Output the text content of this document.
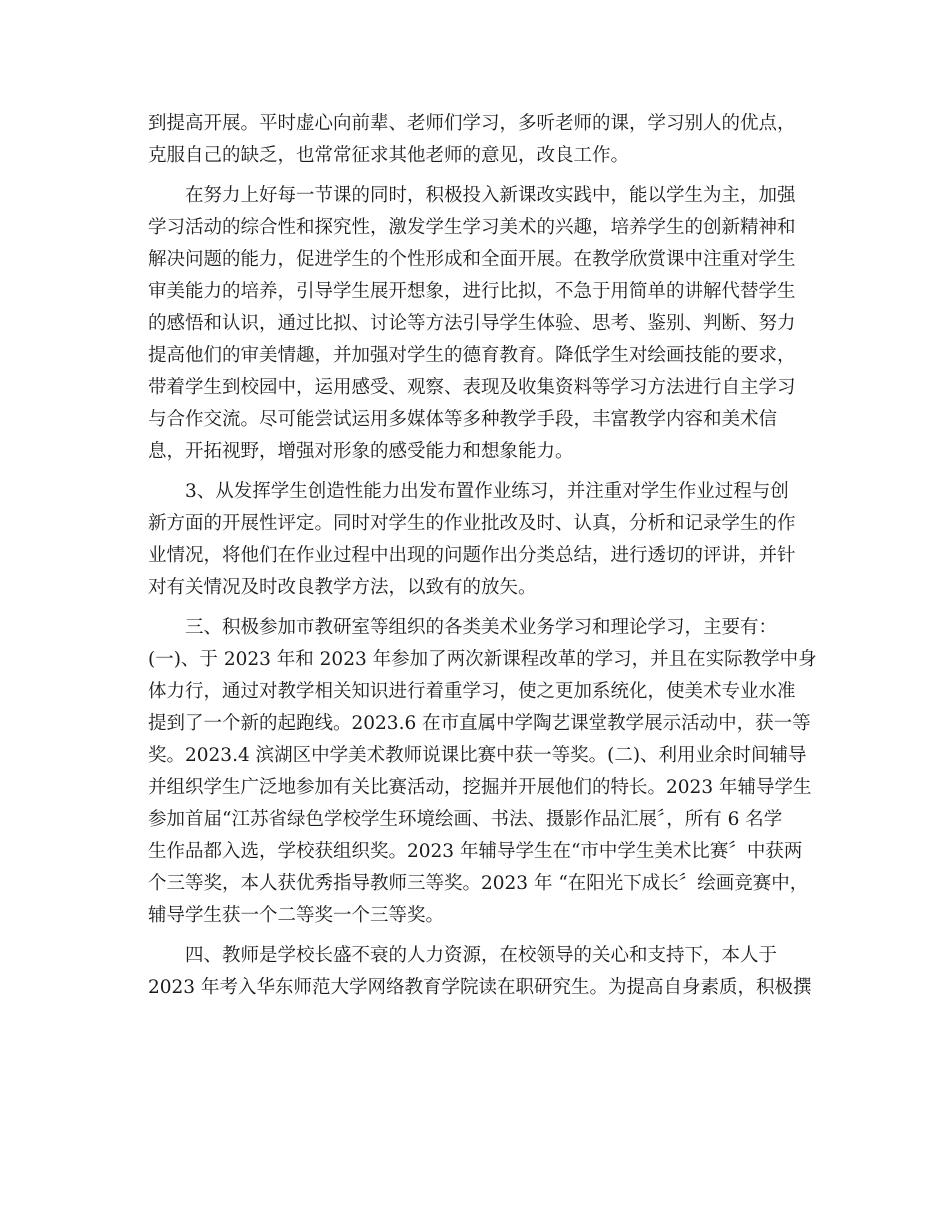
到提高开展。平时虚心向前辈、老师们学习，多听老师的课，学习别人的优点，
克服自己的缺乏，也常常征求其他老师的意见，改良工作。
在努力上好每一节课的同时，积极投入新课改实践中，能以学生为主，加强
学习活动的综合性和探究性，激发学生学习美术的兴趣，培养学生的创新精神和
解决问题的能力，促进学生的个性形成和全面开展。在教学欣赏课中注重对学生
审美能力的培养，引导学生展开想象，进行比拟，不急于用简单的讲解代替学生
的感悟和认识，通过比拟、讨论等方法引导学生体验、思考、鉴别、判断、努力
提高他们的审美情趣，并加强对学生的德育教育。降低学生对绘画技能的要求，
带着学生到校园中，运用感受、观察、表现及收集资料等学习方法进行自主学习
与合作交流。尽可能尝试运用多媒体等多种教学手段，丰富教学内容和美术信
息，开拓视野，增强对形象的感受能力和想象能力。
3、从发挥学生创造性能力出发布置作业练习，并注重对学生作业过程与创
新方面的开展性评定。同时对学生的作业批改及时、认真，分析和记录学生的作
业情况，将他们在作业过程中出现的问题作出分类总结，进行透切的评讲，并针
对有关情况及时改良教学方法，以致有的放矢。
三、积极参加市教研室等组织的各类美术业务学习和理论学习，主要有：
(一)、于 2023 年和 2023 年参加了两次新课程改革的学习，并且在实际教学中身
体力行，通过对教学相关知识进行着重学习，使之更加系统化，使美术专业水准
提到了一个新的起跑线。2023.6 在市直属中学陶艺课堂教学展示活动中，获一等
奖。2023.4 滨湖区中学美术教师说课比赛中获一等奖。(二)、利用业余时间辅导
并组织学生广泛地参加有关比赛活动，挖掘并开展他们的特长。2023 年辅导学生
参加首届“江苏省绿色学校学生环境绘画、书法、摄影作品汇展〞，所有 6 名学
生作品都入选，学校获组织奖。2023 年辅导学生在“市中学生美术比赛〞中获两
个三等奖，本人获优秀指导教师三等奖。2023 年 “在阳光下成长〞绘画竞赛中，
辅导学生获一个二等奖一个三等奖。
四、教师是学校长盛不衰的人力资源，在校领导的关心和支持下，本人于
2023 年考入华东师范大学网络教育学院读在职研究生。为提高自身素质，积极撰
